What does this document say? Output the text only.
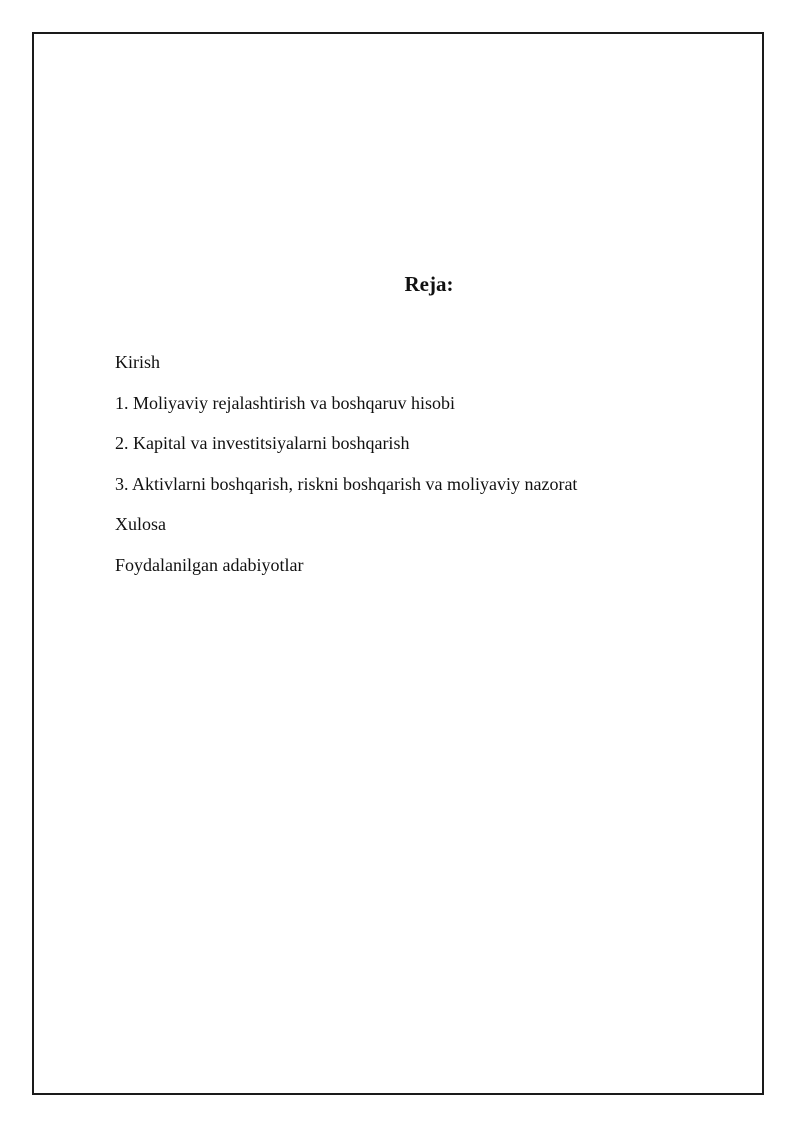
Reja:
Kirish
1. Moliyaviy rejalashtirish va boshqaruv hisobi
2. Kapital va investitsiyalarni boshqarish
3. Aktivlarni boshqarish, riskni boshqarish va moliyaviy nazorat
Xulosa
Foydalanilgan adabiyotlar
